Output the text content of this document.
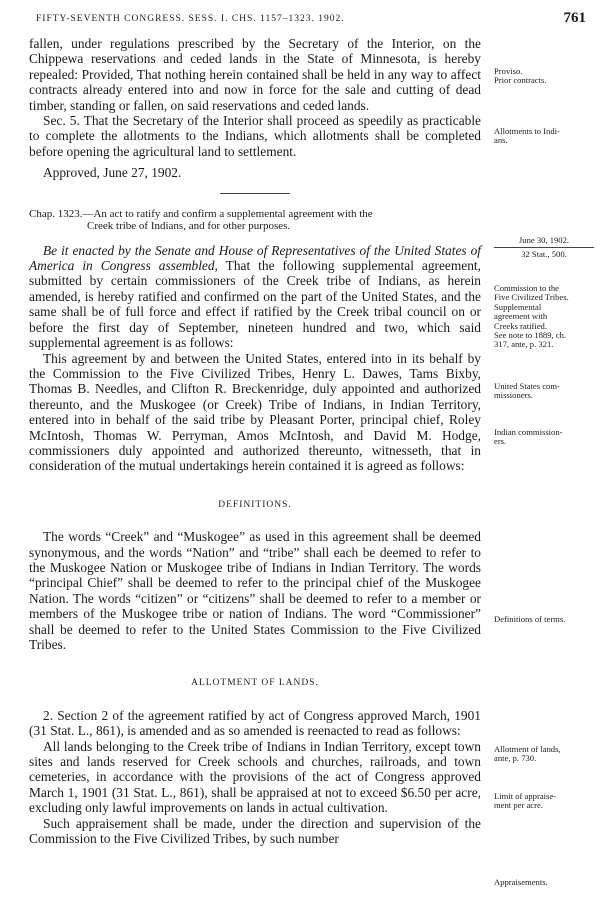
FIFTY-SEVENTH CONGRESS. SESS. I. CHS. 1157–1323. 1902.	761

fallen, under regulations prescribed by the Secretary of the Interior, on the Chippewa reservations and ceded lands in the State of Minnesota, is hereby repealed: Provided, That nothing herein contained shall be held in any way to affect contracts already entered into and now in force for the sale and cutting of dead timber, standing or fallen, on said reservations and ceded lands.

Sec. 5. That the Secretary of the Interior shall proceed as speedily as practicable to complete the allotments to the Indians, which allotments shall be completed before opening the agricultural land to settlement.

Approved, June 27, 1902.

Chap. 1323.—An act to ratify and confirm a supplemental agreement with the
Creek tribe of Indians, and for other purposes.

Be it enacted by the Senate and House of Representatives of the United States of America in Congress assembled, That the following supplemental agreement, submitted by certain commissioners of the Creek tribe of Indians, as herein amended, is hereby ratified and confirmed on the part of the United States, and the same shall be of full force and effect if ratified by the Creek tribal council on or before the first day of September, nineteen hundred and two, which said supplemental agreement is as follows:

This agreement by and between the United States, entered into in its behalf by the Commission to the Five Civilized Tribes, Henry L. Dawes, Tams Bixby, Thomas B. Needles, and Clifton R. Breckenridge, duly appointed and authorized thereunto, and the Muskogee (or Creek) Tribe of Indians, in Indian Territory, entered into in behalf of the said tribe by Pleasant Porter, principal chief, Roley McIntosh, Thomas W. Perryman, Amos McIntosh, and David M. Hodge, commissioners duly appointed and authorized thereunto, witnesseth, that in consideration of the mutual undertakings herein contained it is agreed as follows:

DEFINITIONS.

The words “Creek” and “Muskogee” as used in this agreement shall be deemed synonymous, and the words “Nation” and “tribe” shall each be deemed to refer to the Muskogee Nation or Muskogee tribe of Indians in Indian Territory. The words “principal Chief” shall be deemed to refer to the principal chief of the Muskogee Nation. The words “citizen” or “citizens” shall be deemed to refer to a member or members of the Muskogee tribe or nation of Indians. The word “Commissioner” shall be deemed to refer to the United States Commission to the Five Civilized Tribes.

ALLOTMENT OF LANDS.

2. Section 2 of the agreement ratified by act of Congress approved March, 1901 (31 Stat. L., 861), is amended and as so amended is reenacted to read as follows:

All lands belonging to the Creek tribe of Indians in Indian Territory, except town sites and lands reserved for Creek schools and churches, railroads, and town cemeteries, in accordance with the provisions of the act of Congress approved March 1, 1901 (31 Stat. L., 861), shall be appraised at not to exceed $6.50 per acre, excluding only lawful improvements on lands in actual cultivation.

Such appraisement shall be made, under the direction and supervision of the Commission to the Five Civilized Tribes, by such number

Proviso.
Prior contracts.
Allotments to Indi-
ans.
June 30, 1902.
32 Stat., 500.
Commission to the
Five Civilized Tribes.
Supplemental
agreement with
Creeks ratified.
See note to 1889, ch.
317, ante, p. 321.
United States com-
missioners.
Indian commission-
ers.
Definitions of terms.
Allotment of lands,
ante, p. 730.
Limit of appraise-
ment per acre.
Appraisements.
